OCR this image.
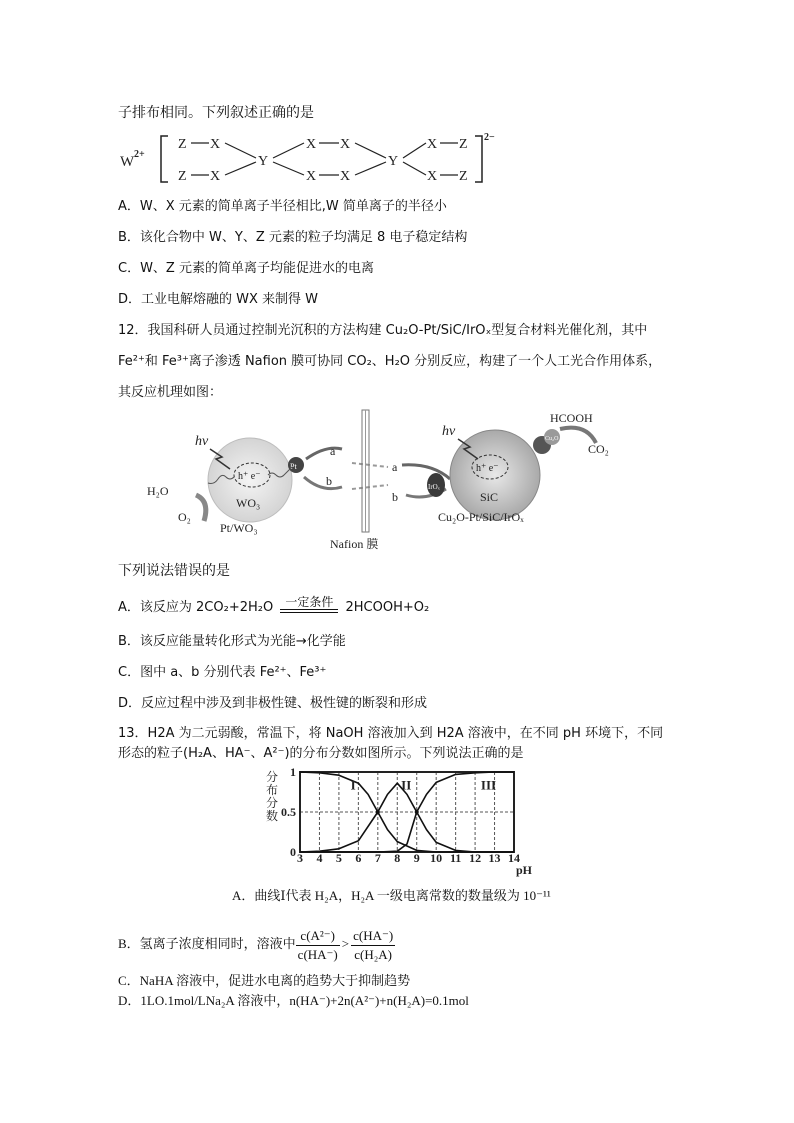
子排布相同。下列叙述正确的是
W 2+
Z X
Z X
Y
X X
X X
Y
X Z
X Z
2−
A．W、X 元素的简单离子半径相比,W 简单离子的半径小
B．该化合物中 W、Y、Z 元素的粒子均满足 8 电子稳定结构
C．W、Z 元素的简单离子均能促进水的电离
D．工业电解熔融的 WX 来制得 W
12．我国科研人员通过控制光沉积的方法构建 Cu₂O-Pt/SiC/IrOₓ型复合材料光催化剂，其中
Fe²⁺和 Fe³⁺离子渗透 Nafion 膜可协同 CO₂、H₂O 分别反应，构建了一个人工光合作用体系，
其反应机理如图：
h⁺ e⁻
hν
Pt
WO₃
H₂O
O₂
Pt/WO₃
a
b
Nafion 膜
a
b
h⁺ e⁻
hν
IrOₓ
SiC
Cu₂O
HCOOH
CO₂
Cu₂O-Pt/SiC/IrOₓ
下列说法错误的是
A．该反应为 2CO₂+2H₂O	一定条件 2HCOOH+O₂
B．该反应能量转化形式为光能→化学能
C．图中 a、b 分别代表 Fe²⁺、Fe³⁺
D．反应过程中涉及到非极性键、极性键的断裂和形成
13．H2A 为二元弱酸，常温下，将 NaOH 溶液加入到 H2A 溶液中，在不同 pH 环境下，不同
形态的粒子(H₂A、HA⁻、A²⁻)的分布分数如图所示。下列说法正确的是
I	II	III
3 4 5 6 7 8 9 10 11 12 13 14
0
0.5
1
分布分数
pH
A．曲线Ⅰ代表 H₂A，H₂A 一级电离常数的数量级为 10⁻¹¹
B．氢离子浓度相同时，溶液中 $\frac{\text{c(A²⁻)}}{c(HA^-)} > \frac{c(HA^-)}{\text{c(H₂A)}}$
C．NaHA 溶液中，促进水电离的趋势大于抑制趋势
D．1LO.1mol/LNa₂A 溶液中，n(HA⁻)+2n(A²⁻)+n(H₂A)=0.1mol
